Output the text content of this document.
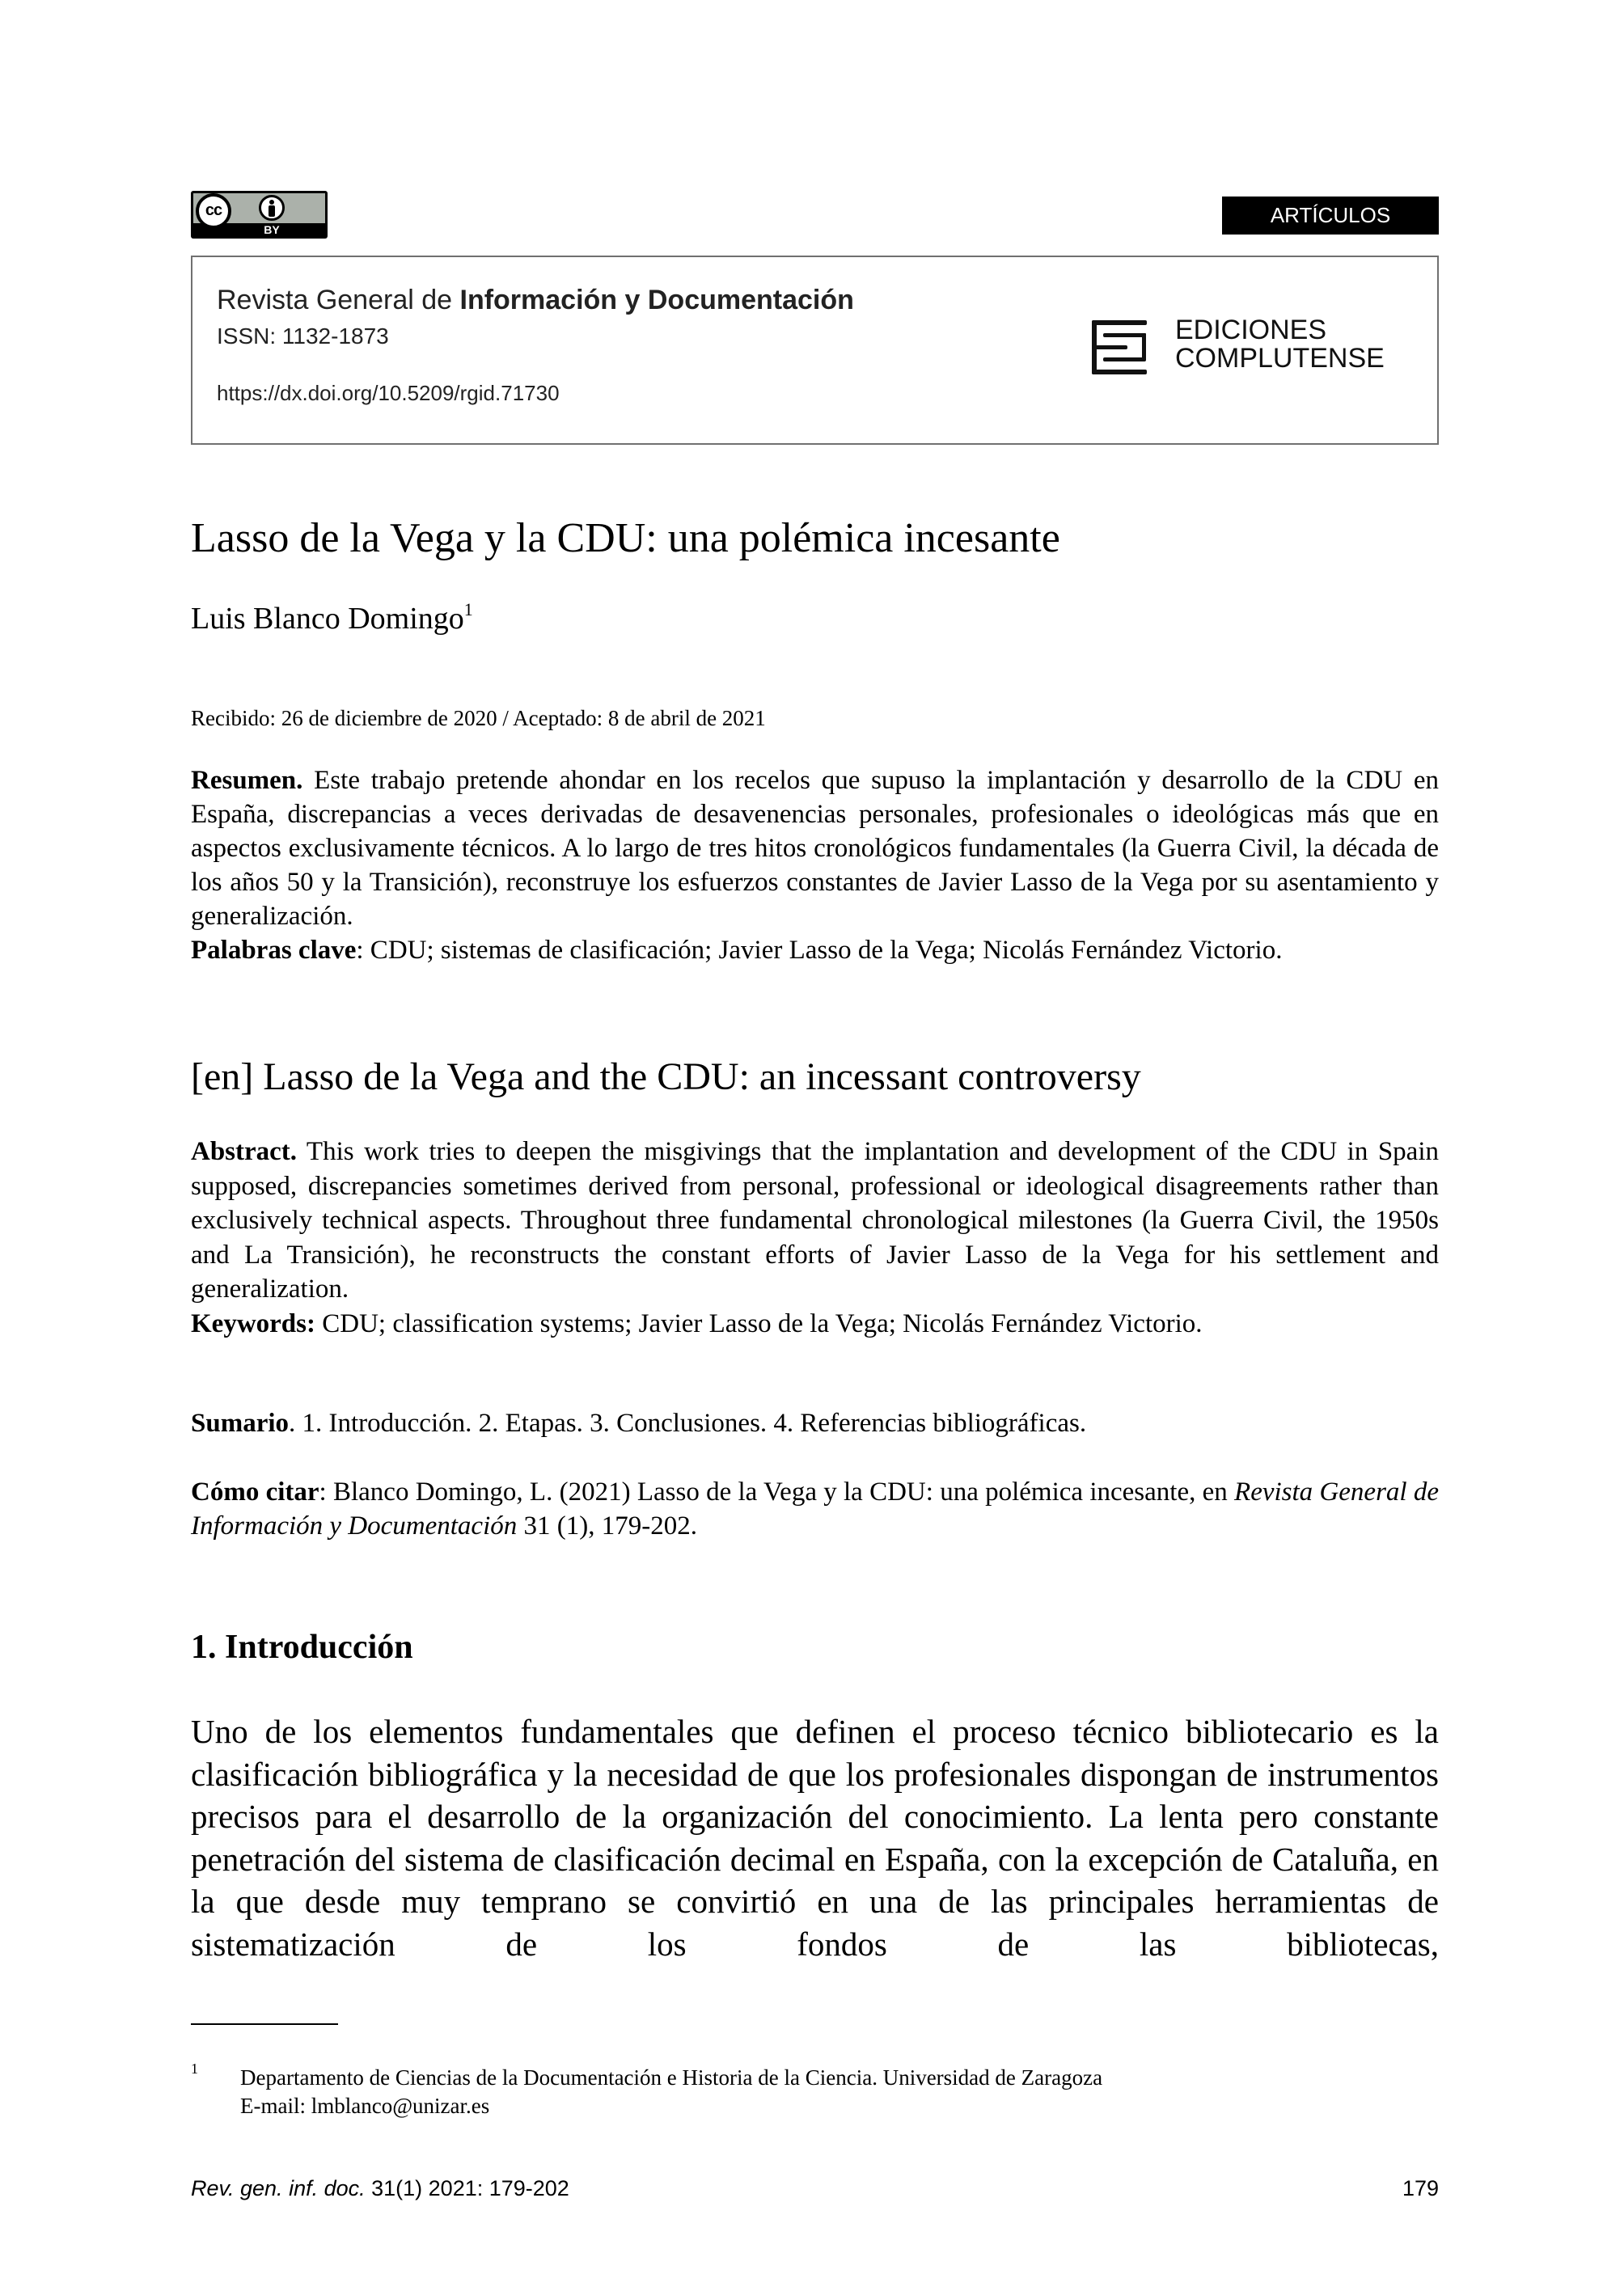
cc
BY
ARTÍCULOS
Revista General de Información y Documentación
ISSN: 1132-1873
https://dx.doi.org/10.5209/rgid.71730
EDICIONES
COMPLUTENSE
Lasso de la Vega y la CDU: una polémica incesante
Luis Blanco Domingo$^1$
Recibido: 26 de diciembre de 2020 / Aceptado: 8 de abril de 2021
Resumen. Este trabajo pretende ahondar en los recelos que supuso la implantación y desarrollo de la CDU en España, discrepancias a veces derivadas de desavenencias personales, profesionales o ideológicas más que en aspectos exclusivamente técnicos. A lo largo de tres hitos cronológicos fundamentales (la Guerra Civil, la década de los años 50 y la Transición), reconstruye los esfuerzos constantes de Javier Lasso de la Vega por su asentamiento y generalización.
Palabras clave: CDU; sistemas de clasificación; Javier Lasso de la Vega; Nicolás Fernández Victorio.
[en] Lasso de la Vega and the CDU: an incessant controversy
Abstract. This work tries to deepen the misgivings that the implantation and development of the CDU in Spain supposed, discrepancies sometimes derived from personal, professional or ideological disagreements rather than exclusively technical aspects. Throughout three fundamental chronological milestones (la Guerra Civil, the 1950s and La Transición), he reconstructs the constant efforts of Javier Lasso de la Vega for his settlement and generalization.
Keywords: CDU; classification systems; Javier Lasso de la Vega; Nicolás Fernández Victorio.
Sumario. 1. Introducción. 2. Etapas. 3. Conclusiones. 4. Referencias bibliográficas.
Cómo citar: Blanco Domingo, L. (2021) Lasso de la Vega y la CDU: una polémica incesante, en Revista General de Información y Documentación 31 (1), 179-202.
1. Introducción
Uno de los elementos fundamentales que definen el proceso técnico bibliotecario es la clasificación bibliográfica y la necesidad de que los profesionales dispongan de instrumentos precisos para el desarrollo de la organización del conocimiento. La lenta pero constante penetración del sistema de clasificación decimal en España, con la excepción de Cataluña, en la que desde muy temprano se convirtió en una de las principales herramientas de sistematización de los fondos de las bibliotecas,
1 Departamento de Ciencias de la Documentación e Historia de la Ciencia. Universidad de Zaragoza
E-mail: lmblanco@unizar.es
Rev. gen. inf. doc. 31(1) 2021: 179-202	179
